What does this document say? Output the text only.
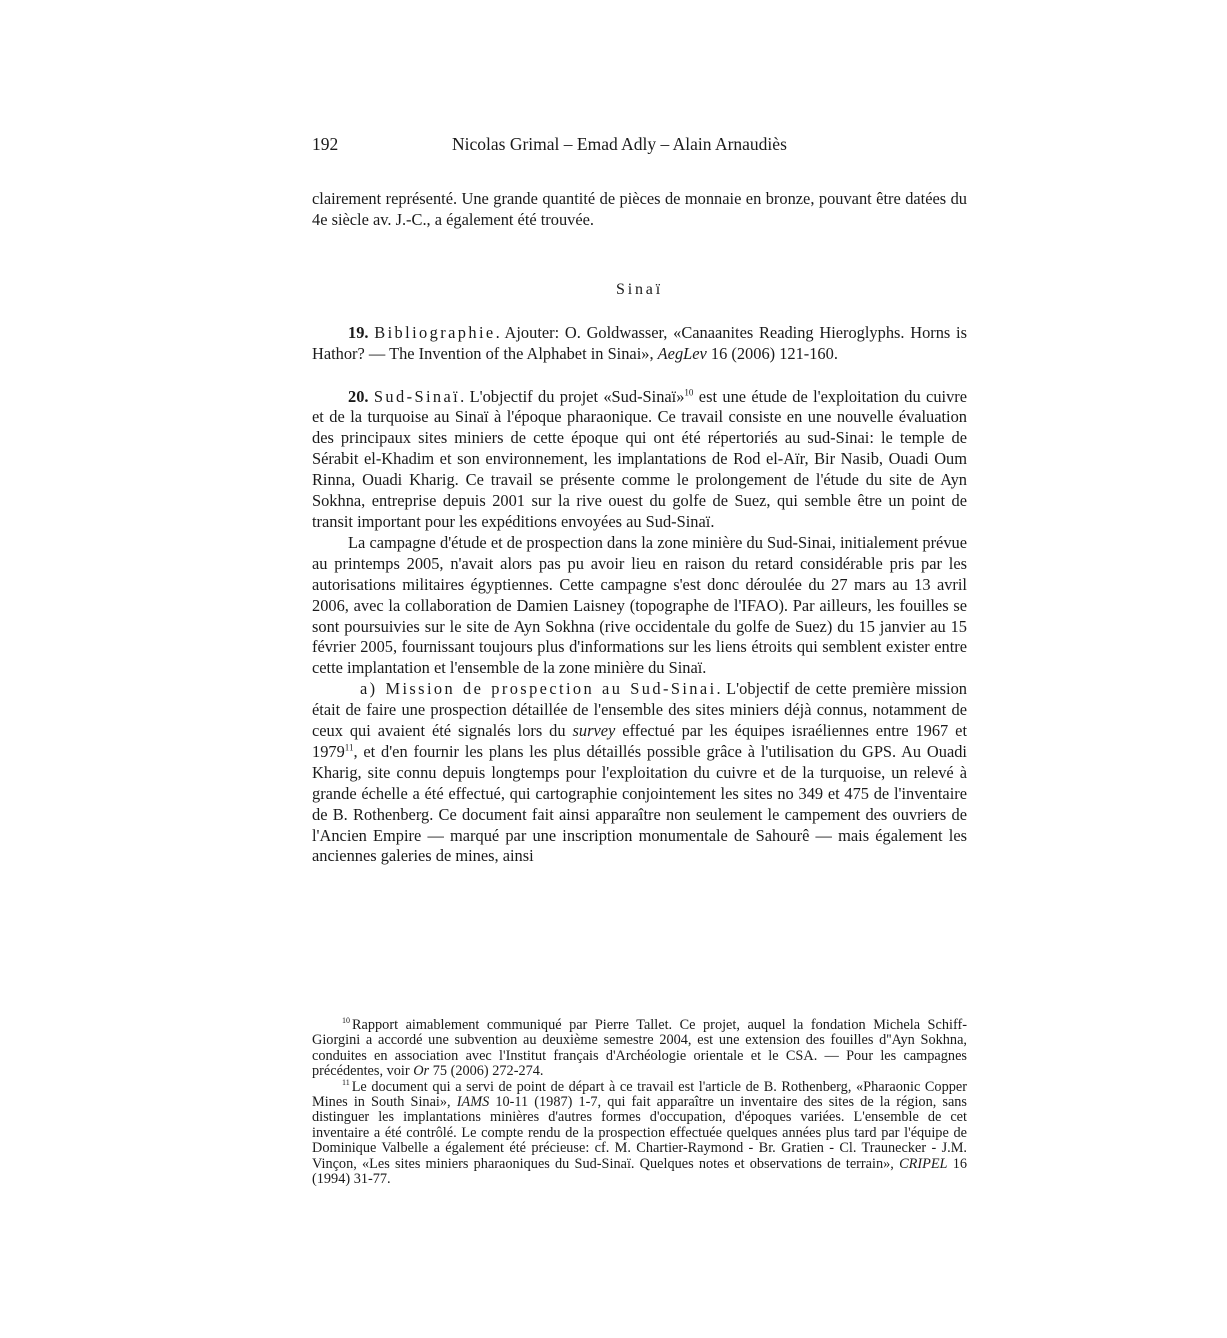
192	Nicolas Grimal – Emad Adly – Alain Arnaudiès

clairement représenté. Une grande quantité de pièces de monnaie en bronze, pouvant être datées du 4e siècle av. J.-C., a également été trouvée.

Sinaï

19. Bibliographie. Ajouter: O. Goldwasser, «Canaanites Reading Hieroglyphs. Horns is Hathor? — The Invention of the Alphabet in Sinai», AegLev 16 (2006) 121-160.

20. Sud-Sinaï. L'objectif du projet «Sud-Sinaï»$^{10}$ est une étude de l'exploitation du cuivre et de la turquoise au Sinaï à l'époque pharaonique. Ce travail consiste en une nouvelle évaluation des principaux sites miniers de cette époque qui ont été répertoriés au sud-Sinai: le temple de Sérabit el-Khadim et son environnement, les implantations de Rod el-Aïr, Bir Nasib, Ouadi Oum Rinna, Ouadi Kharig. Ce travail se présente comme le prolongement de l'étude du site de Ayn Sokhna, entreprise depuis 2001 sur la rive ouest du golfe de Suez, qui semble être un point de transit important pour les expéditions envoyées au Sud-Sinaï.

La campagne d'étude et de prospection dans la zone minière du Sud-Sinai, initialement prévue au printemps 2005, n'avait alors pas pu avoir lieu en raison du retard considérable pris par les autorisations militaires égyptiennes. Cette campagne s'est donc déroulée du 27 mars au 13 avril 2006, avec la collaboration de Damien Laisney (topographe de l'IFAO). Par ailleurs, les fouilles se sont poursuivies sur le site de Ayn Sokhna (rive occidentale du golfe de Suez) du 15 janvier au 15 février 2005, fournissant toujours plus d'informations sur les liens étroits qui semblent exister entre cette implantation et l'ensemble de la zone minière du Sinaï.

a) Mission de prospection au Sud-Sinai. L'objectif de cette première mission était de faire une prospection détaillée de l'ensemble des sites miniers déjà connus, notamment de ceux qui avaient été signalés lors du survey effectué par les équipes israéliennes entre 1967 et 1979$^{11}$, et d'en fournir les plans les plus détaillés possible grâce à l'utilisation du GPS. Au Ouadi Kharig, site connu depuis longtemps pour l'exploitation du cuivre et de la turquoise, un relevé à grande échelle a été effectué, qui cartographie conjointement les sites no 349 et 475 de l'inventaire de B. Rothenberg. Ce document fait ainsi apparaître non seulement le campement des ouvriers de l'Ancien Empire — marqué par une inscription monumentale de Sahourê — mais également les anciennes galeries de mines, ainsi

$^{10}$ Rapport aimablement communiqué par Pierre Tallet. Ce projet, auquel la fondation Michela Schiff-Giorgini a accordé une subvention au deuxième semestre 2004, est une extension des fouilles d''Ayn Sokhna, conduites en association avec l'Institut français d'Archéologie orientale et le CSA. — Pour les campagnes précédentes, voir Or 75 (2006) 272-274.

$^{11}$ Le document qui a servi de point de départ à ce travail est l'article de B. Rothenberg, «Pharaonic Copper Mines in South Sinai», IAMS 10-11 (1987) 1-7, qui fait apparaître un inventaire des sites de la région, sans distinguer les implantations minières d'autres formes d'occupation, d'époques variées. L'ensemble de cet inventaire a été contrôlé. Le compte rendu de la prospection effectuée quelques années plus tard par l'équipe de Dominique Valbelle a également été précieuse: cf. M. Chartier-Raymond - Br. Gratien - Cl. Traunecker - J.M. Vinçon, «Les sites miniers pharaoniques du Sud-Sinaï. Quelques notes et observations de terrain», CRIPEL 16 (1994) 31-77.
